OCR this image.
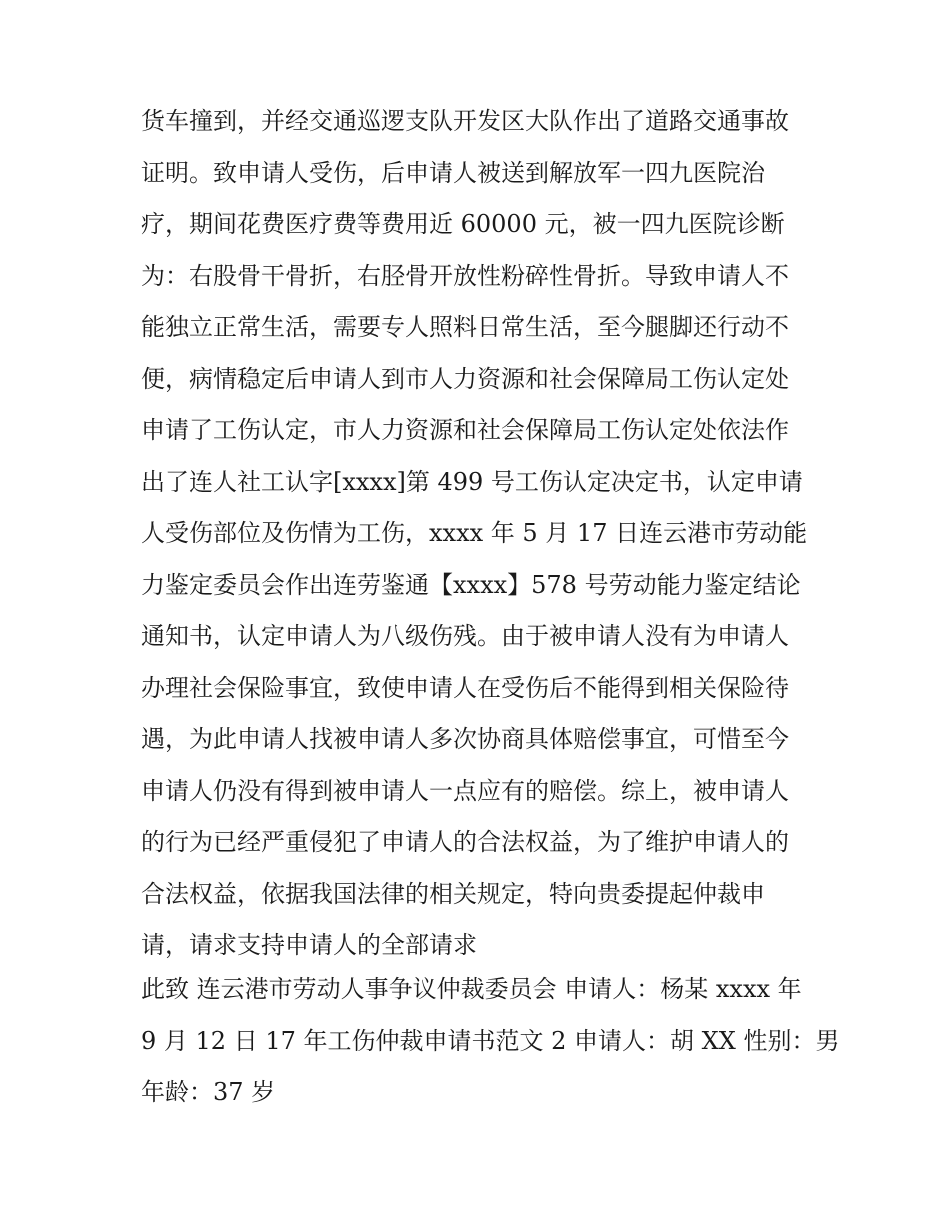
货车撞到，并经交通巡逻支队开发区大队作出了道路交通事故
证明。致申请人受伤，后申请人被送到解放军一四九医院治
疗，期间花费医疗费等费用近 60000 元，被一四九医院诊断
为：右股骨干骨折，右胫骨开放性粉碎性骨折。导致申请人不
能独立正常生活，需要专人照料日常生活，至今腿脚还行动不
便，病情稳定后申请人到市人力资源和社会保障局工伤认定处
申请了工伤认定，市人力资源和社会保障局工伤认定处依法作
出了连人社工认字[xxxx]第 499 号工伤认定决定书，认定申请
人受伤部位及伤情为工伤，xxxx 年 5 月 17 日连云港市劳动能
力鉴定委员会作出连劳鉴通【xxxx】578 号劳动能力鉴定结论
通知书，认定申请人为八级伤残。由于被申请人没有为申请人
办理社会保险事宜，致使申请人在受伤后不能得到相关保险待
遇，为此申请人找被申请人多次协商具体赔偿事宜，可惜至今
申请人仍没有得到被申请人一点应有的赔偿。综上，被申请人
的行为已经严重侵犯了申请人的合法权益，为了维护申请人的
合法权益，依据我国法律的相关规定，特向贵委提起仲裁申
请，请求支持申请人的全部请求
此致 连云港市劳动人事争议仲裁委员会 申请人：杨某 xxxx 年
9 月 12 日 17 年工伤仲裁申请书范文 2 申请人：胡 XX 性别：男
年龄：37 岁
